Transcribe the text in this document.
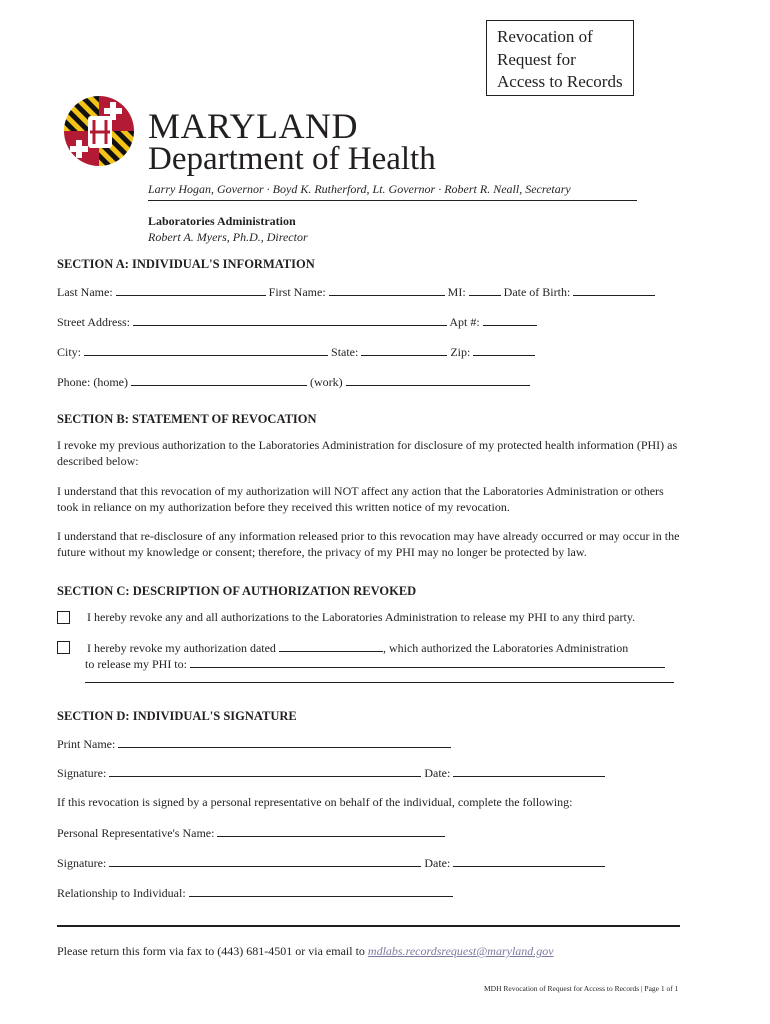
Revocation of
Request for
Access to Records
MARYLAND
Department of Health
Larry Hogan, Governor · Boyd K. Rutherford, Lt. Governor · Robert R. Neall, Secretary
Laboratories Administration
Robert A. Myers, Ph.D., Director
SECTION A: INDIVIDUAL'S INFORMATION
Last Name:	First Name:	MI:	Date of Birth:
Street Address:	Apt #:
City:	State:	Zip:
Phone: (home)	(work)
SECTION B: STATEMENT OF REVOCATION
I revoke my previous authorization to the Laboratories Administration for disclosure of my protected health information (PHI) as described below:
I understand that this revocation of my authorization will NOT affect any action that the Laboratories Administration or others took in reliance on my authorization before they received this written notice of my revocation.
I understand that re-disclosure of any information released prior to this revocation may have already occurred or may occur in the future without my knowledge or consent; therefore, the privacy of my PHI may no longer be protected by law.
SECTION C: DESCRIPTION OF AUTHORIZATION REVOKED
I hereby revoke any and all authorizations to the Laboratories Administration to release my PHI to any third party.
I hereby revoke my authorization dated	, which authorized the Laboratories Administration
to release my PHI to:
SECTION D: INDIVIDUAL'S SIGNATURE
Print Name:
Signature:	Date:
If this revocation is signed by a personal representative on behalf of the individual, complete the following:
Personal Representative's Name:
Signature:	Date:
Relationship to Individual:
Please return this form via fax to (443) 681-4501 or via email to mdlabs.recordsrequest@maryland.gov
MDH Revocation of Request for Access to Records | Page 1 of 1
